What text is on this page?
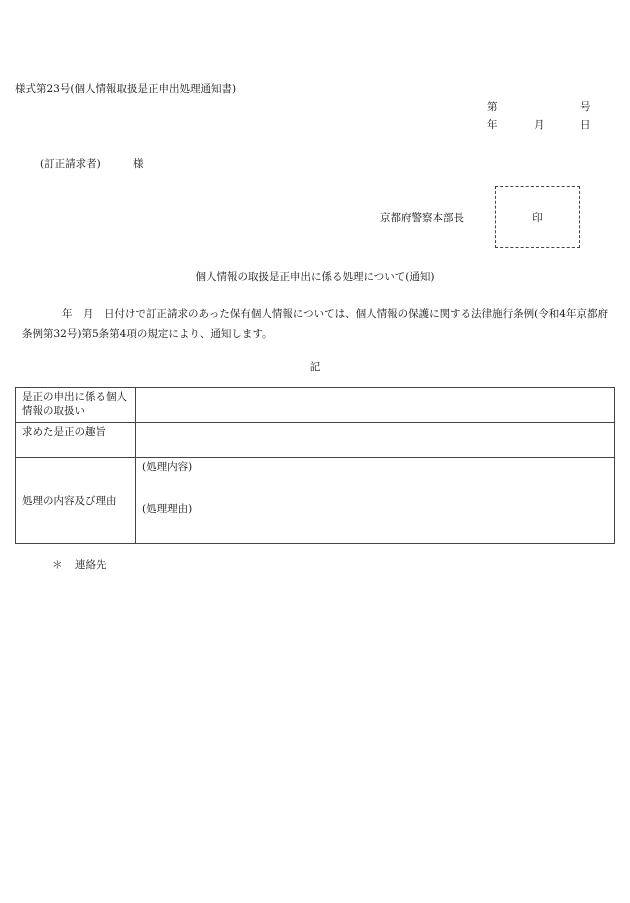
様式第23号(個人情報取扱是正申出処理通知書)
第	号
年	月	日
(訂正請求者)	様
京都府警察本部長	印
個人情報の取扱是正申出に係る処理について(通知)
年　月　日付けで訂正請求のあった保有個人情報については、個人情報の保護に関する法律施行条例(令和4年京都府条例第32号)第5条第4項の規定により、通知します。
記
是正の申出に係る個人情報の取扱い	
求めた是正の趣旨	
処理の内容及び理由	(処理内容)
(処理理由)
＊ 連絡先
